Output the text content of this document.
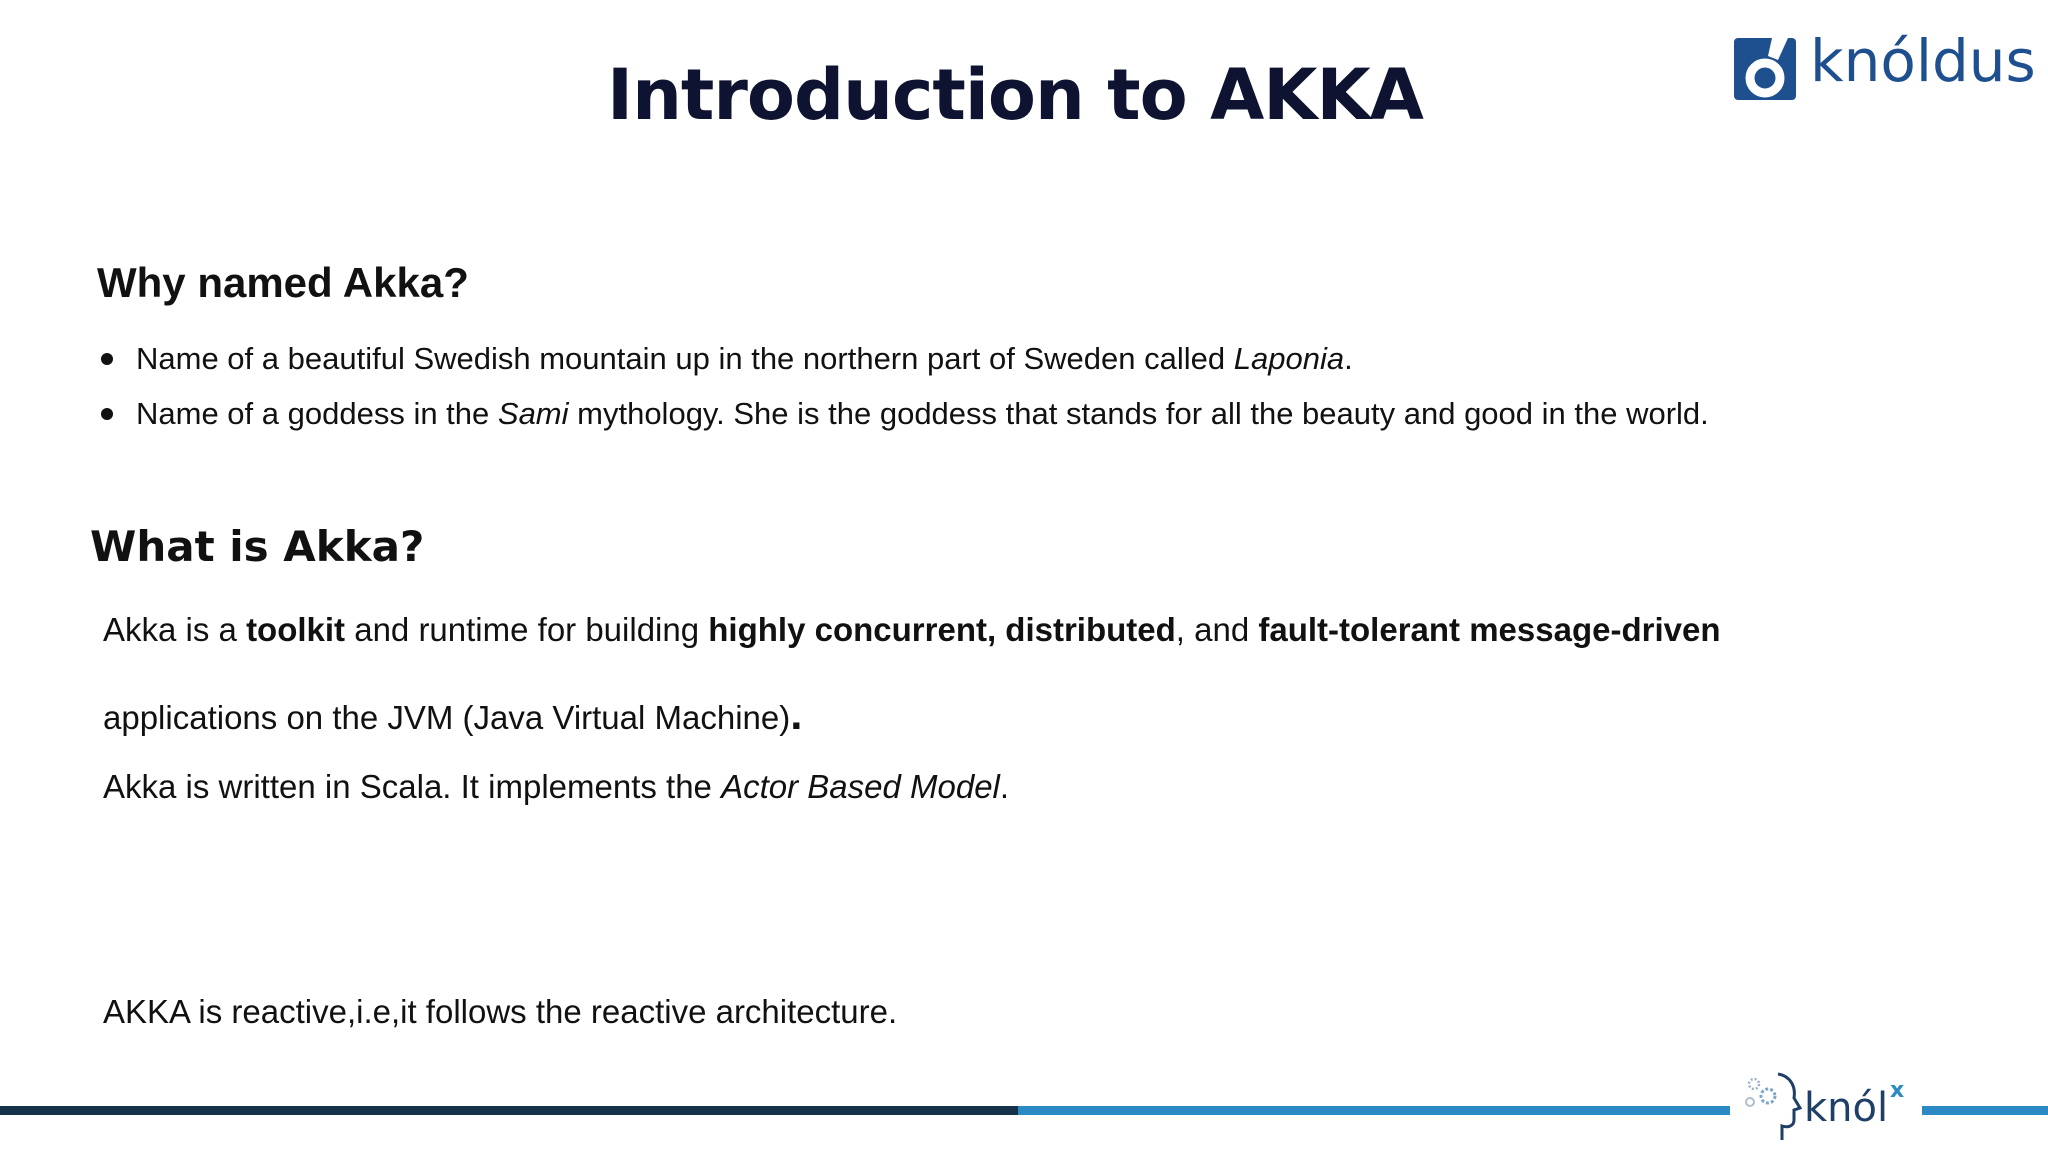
Introduction to AKKA	knóldus
Why named Akka?
Name of a beautiful Swedish mountain up in the northern part of Sweden called Laponia.
Name of a goddess in the Sami mythology. She is the goddess that stands for all the beauty and good in the world.
What is Akka?
Akka is a toolkit and runtime for building highly concurrent, distributed, and fault-tolerant message-driven
applications on the JVM (Java Virtual Machine).
Akka is written in Scala. It implements the Actor Based Model.
AKKA is reactive,i.e,it follows the reactive architecture.
knól x
